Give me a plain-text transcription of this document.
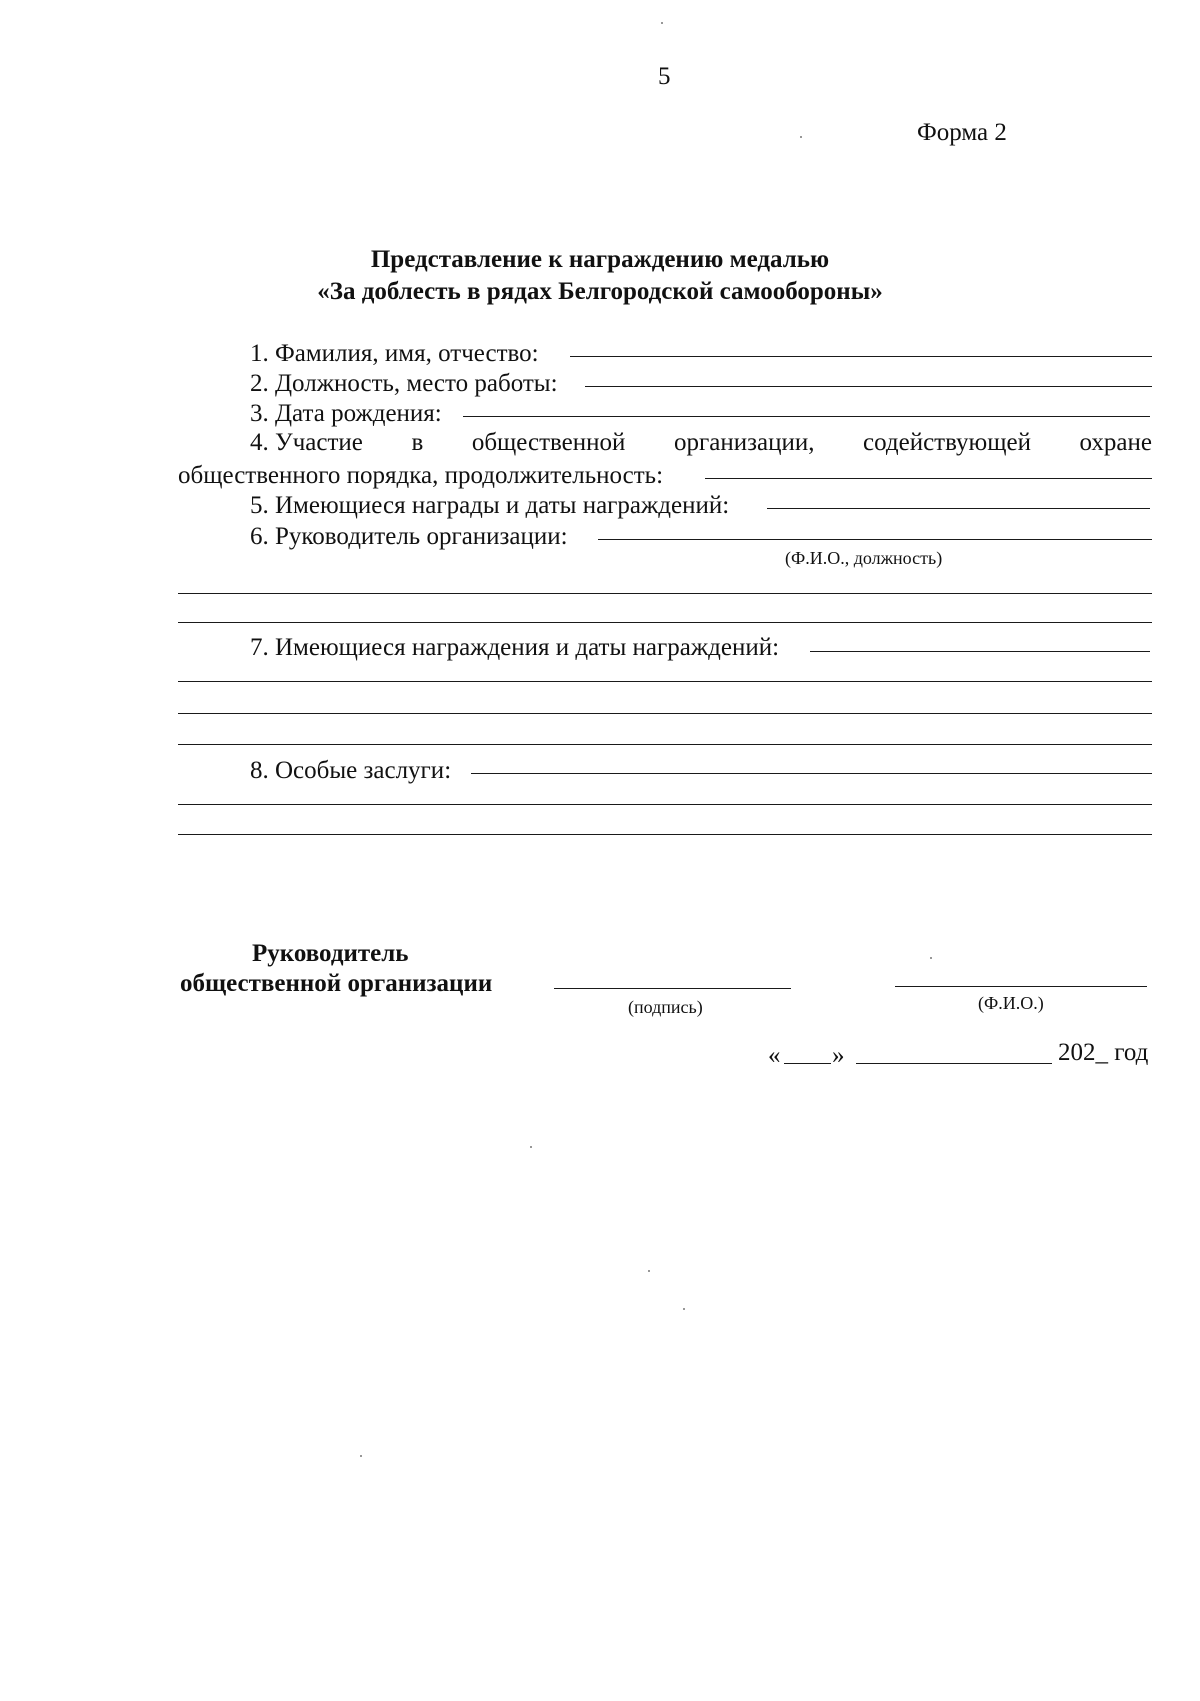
5
Форма 2
Представление к награждению медалью
«За доблесть в рядах Белгородской самообороны»
1. Фамилия, имя, отчество:
2. Должность, место работы:
3. Дата рождения:
4. Участие в общественной организации, содействующей охране
общественного порядка, продолжительность:
5. Имеющиеся награды и даты награждений:
6. Руководитель организации:
(Ф.И.О., должность)
7. Имеющиеся награждения и даты награждений:
8. Особые заслуги:
Руководитель
общественной организации
(подпись)	(Ф.И.О.)
« »	202_ год
